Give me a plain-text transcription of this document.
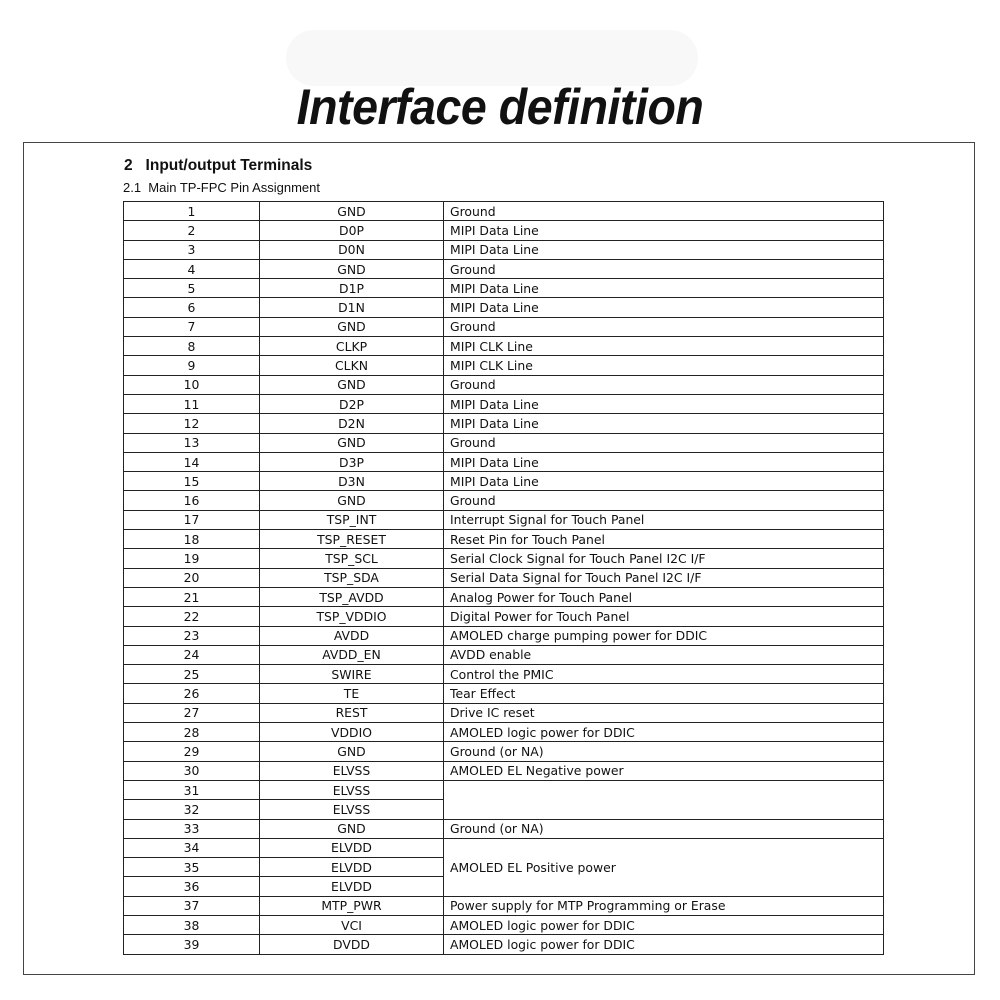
Interface definition
2   Input/output Terminals
2.1  Main TP-FPC Pin Assignment
1	GND	Ground
2	D0P	MIPI Data Line
3	D0N	MIPI Data Line
4	GND	Ground
5	D1P	MIPI Data Line
6	D1N	MIPI Data Line
7	GND	Ground
8	CLKP	MIPI CLK Line
9	CLKN	MIPI CLK Line
10	GND	Ground
11	D2P	MIPI Data Line
12	D2N	MIPI Data Line
13	GND	Ground
14	D3P	MIPI Data Line
15	D3N	MIPI Data Line
16	GND	Ground
17	TSP_INT	Interrupt Signal for Touch Panel
18	TSP_RESET	Reset Pin for Touch Panel
19	TSP_SCL	Serial Clock Signal for Touch Panel I2C I/F
20	TSP_SDA	Serial Data Signal for Touch Panel I2C I/F
21	TSP_AVDD	Analog Power for Touch Panel
22	TSP_VDDIO	Digital Power for Touch Panel
23	AVDD	AMOLED charge pumping power for DDIC
24	AVDD_EN	AVDD enable
25	SWIRE	Control the PMIC
26	TE	Tear Effect
27	REST	Drive IC reset
28	VDDIO	AMOLED logic power for DDIC
29	GND	Ground (or NA)
30	ELVSS	AMOLED EL Negative power
31	ELVSS	
32	ELVSS	
33	GND	Ground (or NA)
34	ELVDD	AMOLED EL Positive power
35	ELVDD	
36	ELVDD	
37	MTP_PWR	Power supply for MTP Programming or Erase
38	VCI	AMOLED logic power for DDIC
39	DVDD	AMOLED logic power for DDIC
